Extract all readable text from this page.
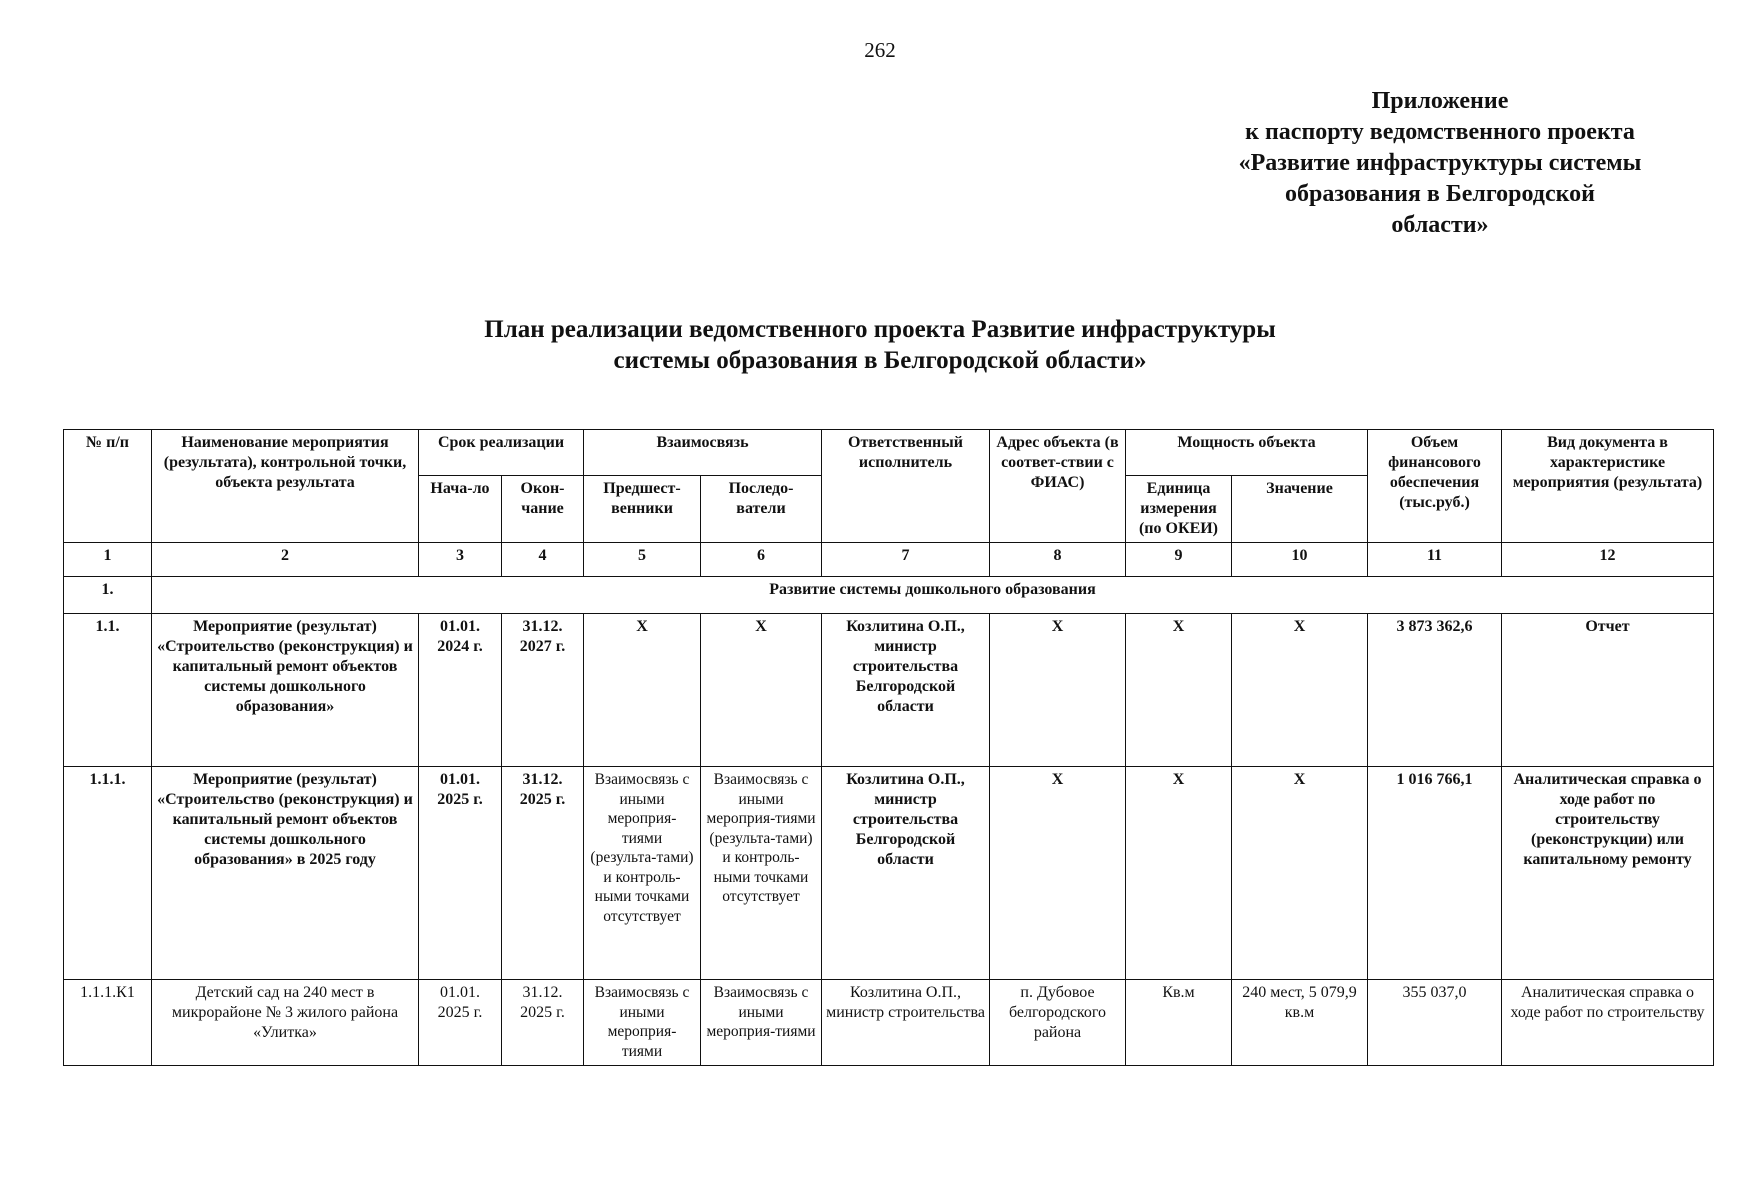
262
Приложение
к паспорту ведомственного проекта
«Развитие инфраструктуры системы
образования в Белгородской
области»
План реализации ведомственного проекта Развитие инфраструктуры
системы образования в Белгородской области»
№ п/п	Наименование мероприятия (результата), контрольной точки, объекта результата	Срок реализации		Взаимосвязь		Ответственный исполнитель	Адрес объекта (в соответ-ствии с ФИАС)	Мощность объекта		Объем финансового обеспечения (тыс.руб.)	Вид документа в характеристике мероприятия (результата)
		Нача-ло	Окон-чание	Предшест-венники	Последо-ватели			Единица измерения (по ОКЕИ)	Значение		
1	2	3	4	5	6	7	8	9	10	11	12
1.	Развитие системы дошкольного образования										
1.1.	Мероприятие (результат) «Строительство (реконструкция) и капитальный ремонт объектов системы дошкольного образования»	01.01. 2024 г.	31.12. 2027 г.	X	X	Козлитина О.П., министр строительства Белгородской области	X	X	X	3 873 362,6	Отчет
1.1.1.	Мероприятие (результат) «Строительство (реконструкция) и капитальный ремонт объектов системы дошкольного образования» в 2025 году	01.01. 2025 г.	31.12. 2025 г.	Взаимосвязь с иными мероприя-тиями (результа-тами) и контроль-ными точками отсутствует	Взаимосвязь с иными мероприя-тиями (результа-тами) и контроль-ными точками отсутствует	Козлитина О.П., министр строительства Белгородской области	X	X	X	1 016 766,1	Аналитическая справка о ходе работ по строительству (реконструкции) или капитальному ремонту
1.1.1.К1	Детский сад на 240 мест в микрорайоне № 3 жилого района «Улитка»	01.01. 2025 г.	31.12. 2025 г.	Взаимосвязь с иными мероприя-тиями	Взаимосвязь с иными мероприя-тиями	Козлитина О.П., министр строительства	п. Дубовое белгородского района	Кв.м	240 мест, 5 079,9 кв.м	355 037,0	Аналитическая справка о ходе работ по строительству
